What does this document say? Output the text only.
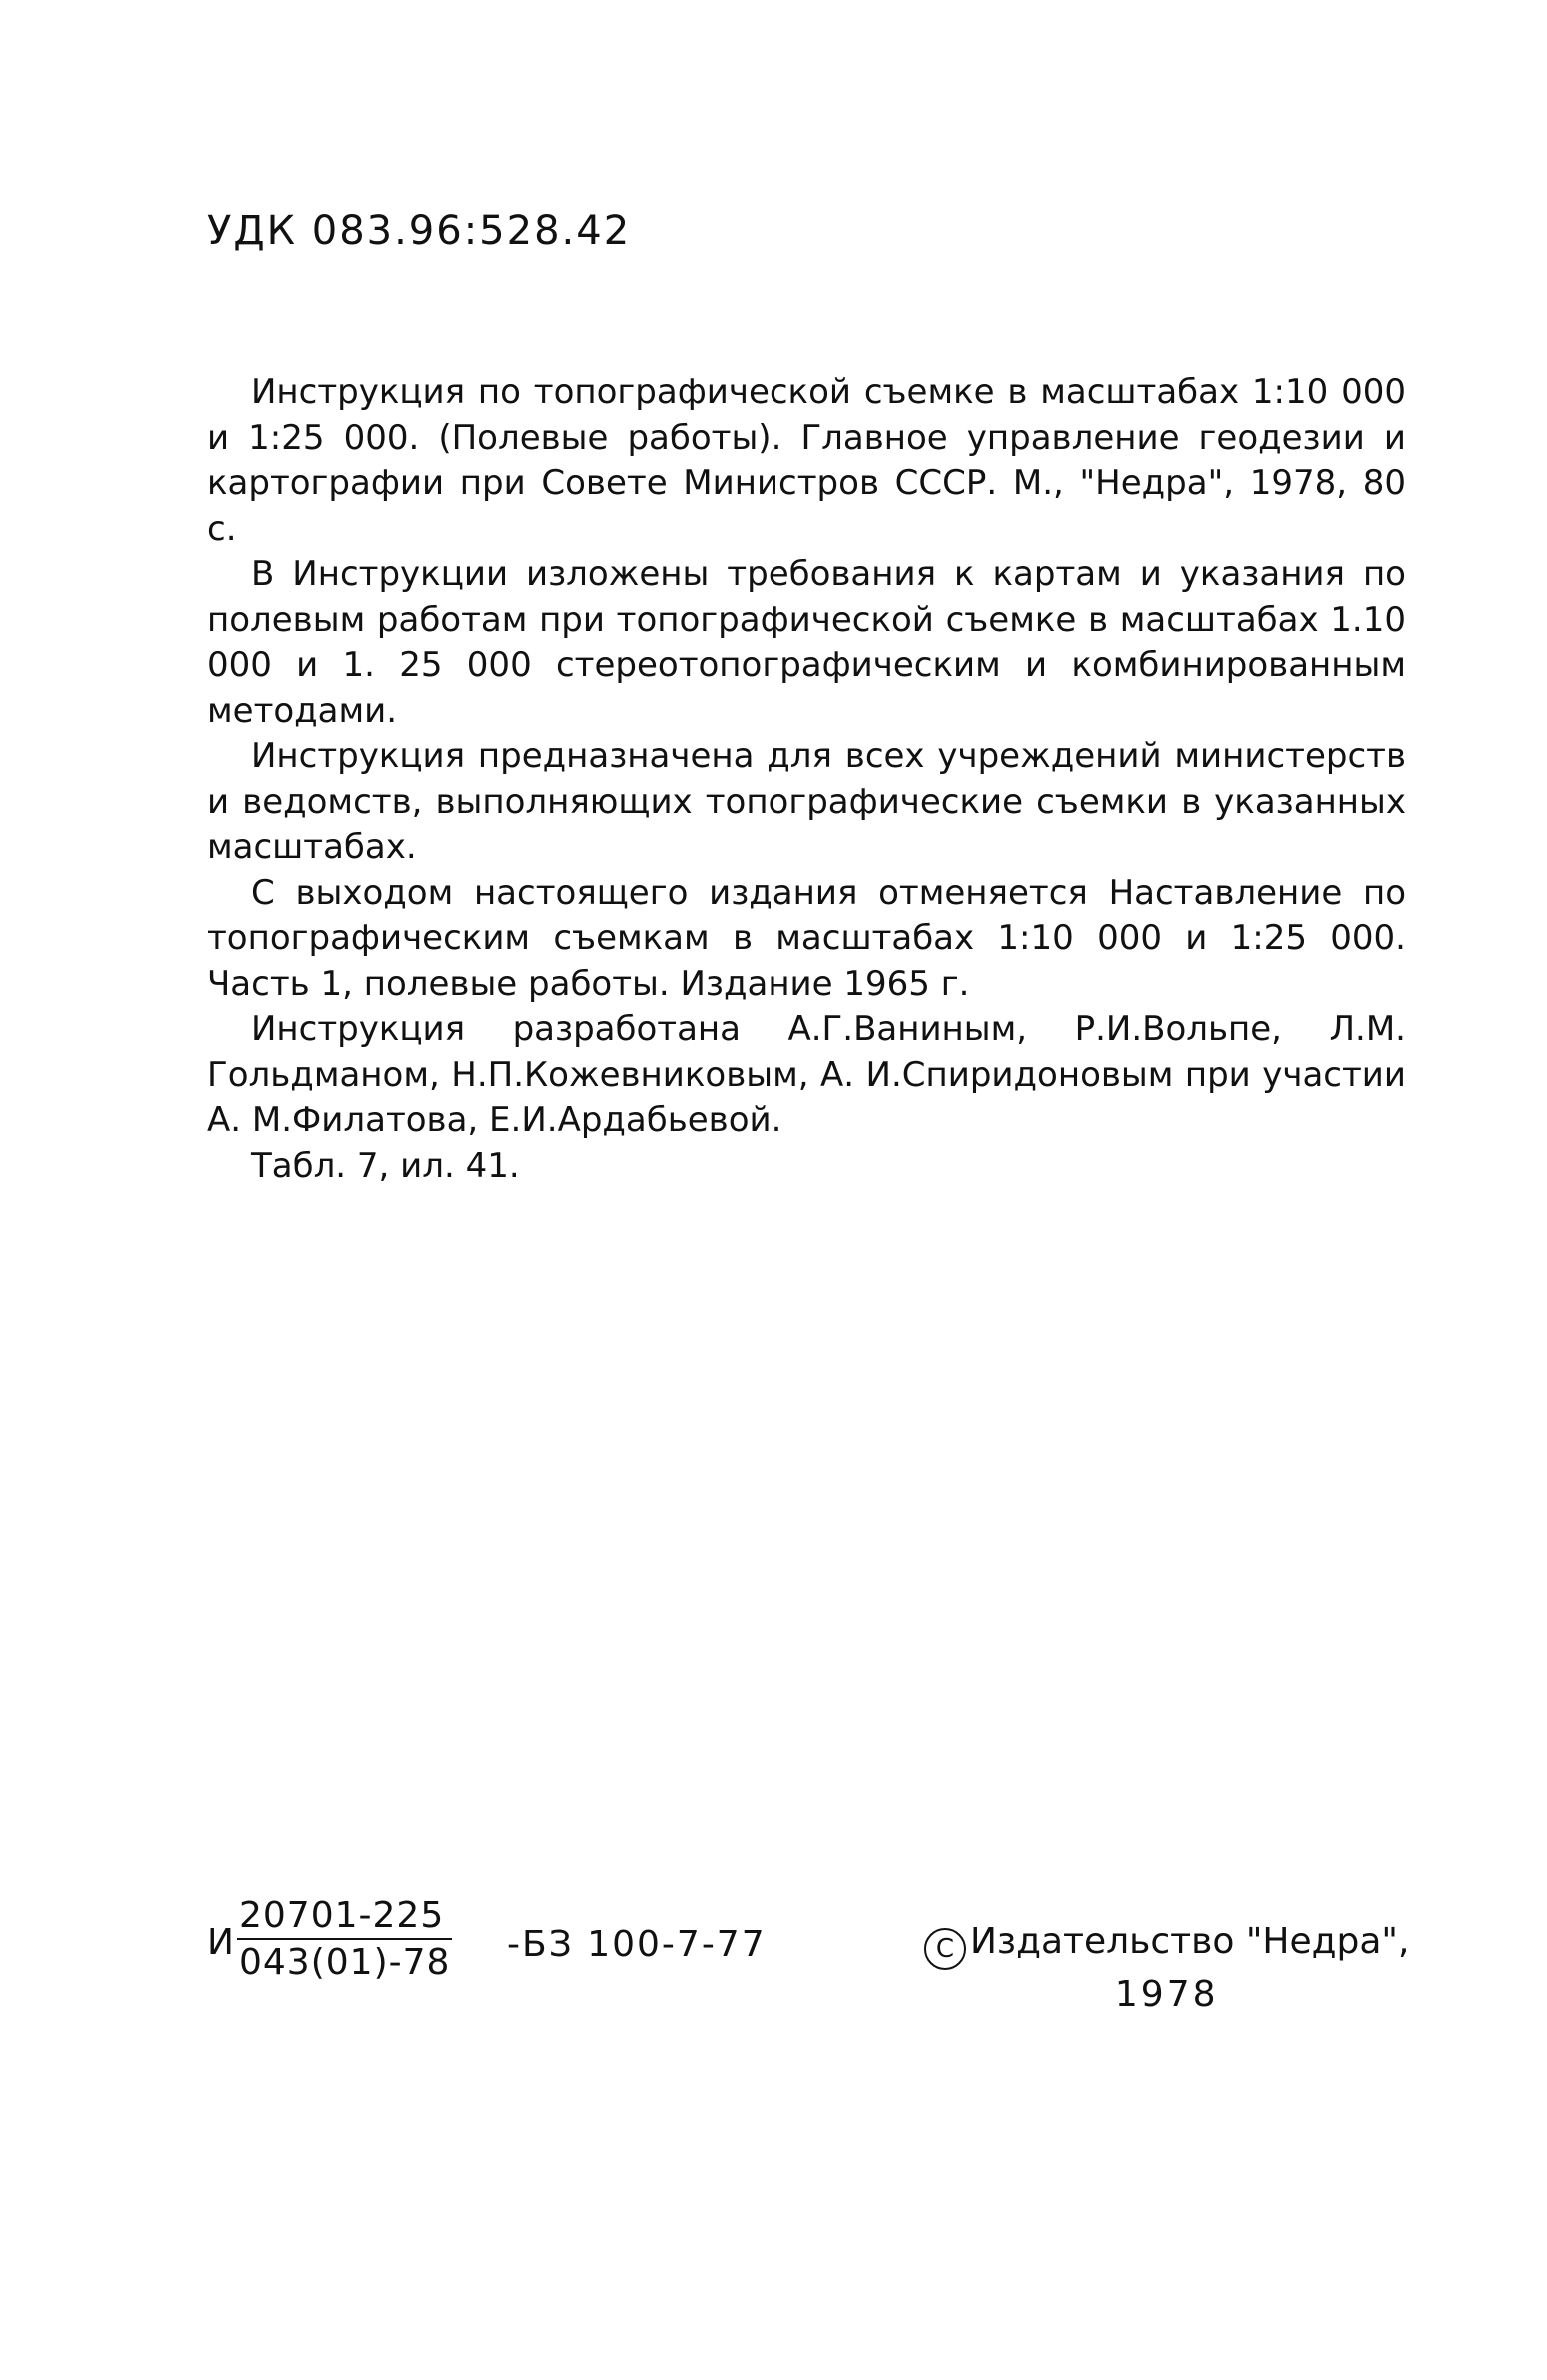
УДК 083.96:528.42

Инструкция по топографической съемке в масштабах 1:10 000 и 1:25 000. (Полевые работы). Главное управление геодезии и картографии при Совете Министров СССР. М., "Недра", 1978, 80 с.

В Инструкции изложены требования к картам и указания по полевым работам при топографической съемке в масштабах 1.10 000 и 1. 25 000 стереотопографическим и комбинированным методами.

Инструкция предназначена для всех учреждений министерств и ведомств, выполняющих топографические съемки в указанных масштабах.

С выходом настоящего издания отменяется Наставление по топографическим съемкам в масштабах 1:10 000 и 1:25 000. Часть 1, полевые работы. Издание 1965 г.

Инструкция разработана А.Г.Ваниным, Р.И.Вольпе, Л.М. Гольдманом, Н.П.Кожевниковым, А. И.Спиридоновым при участии А. М.Филатова, Е.И.Ардабьевой.

Табл. 7, ил. 41.

И $\frac{20701-225}{043(01)-78} -БЗ$ 100-7-77	C Издательство "Недра",
1978
